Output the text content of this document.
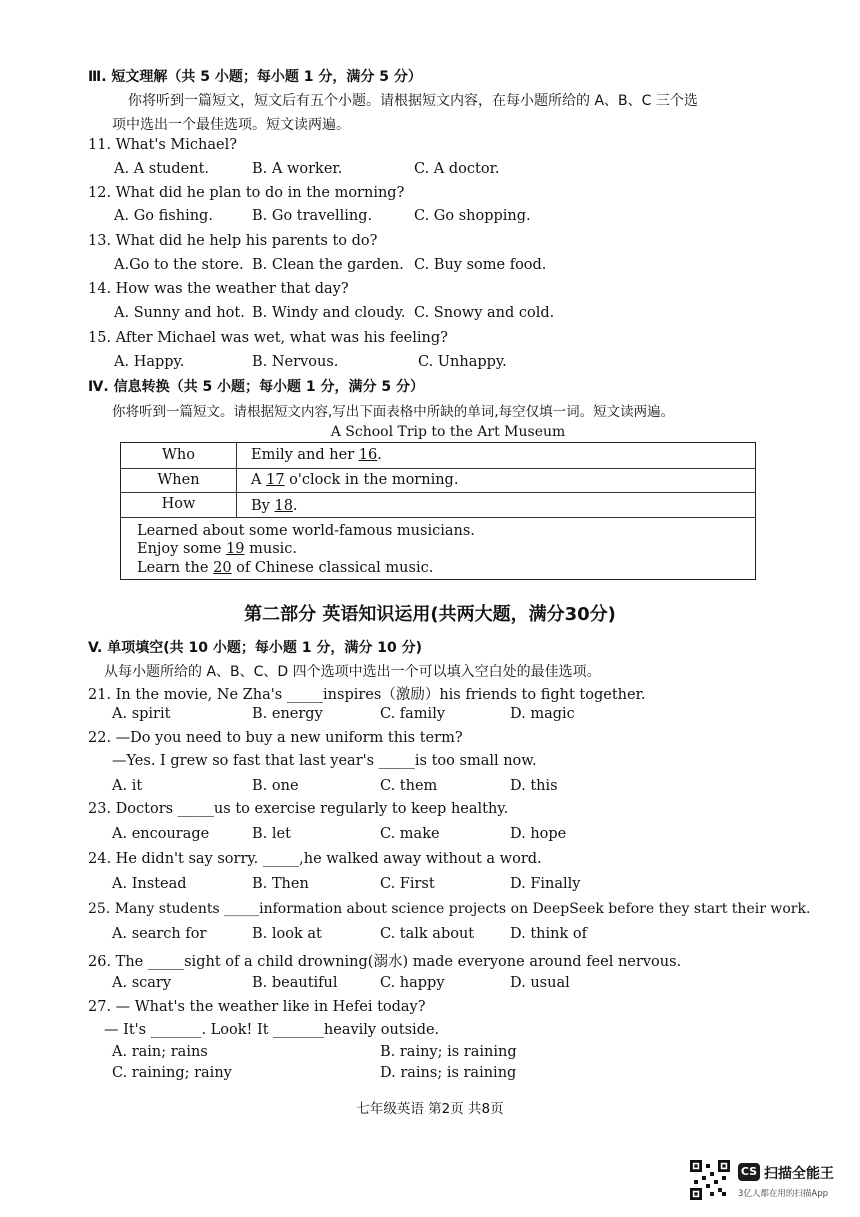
Ⅲ. 短文理解（共 5 小题；每小题 1 分，满分 5 分）
你将听到一篇短文，短文后有五个小题。请根据短文内容，在每小题所给的 A、B、C 三个选
项中选出一个最佳选项。短文读两遍。
11. What's Michael?
A. A student.	B. A worker.	C. A doctor.
12. What did he plan to do in the morning?
A. Go fishing.	B. Go travelling.	C. Go shopping.
13. What did he help his parents to do?
A.Go to the store. B. Clean the garden. C. Buy some food.
14. How was the weather that day?
A. Sunny and hot. B. Windy and cloudy. C. Snowy and cold.
15. After Michael was wet, what was his feeling?
A. Happy.	B. Nervous.	C. Unhappy.
Ⅳ. 信息转换（共 5 小题；每小题 1 分，满分 5 分）
你将听到一篇短文。请根据短文内容,写出下面表格中所缺的单词,每空仅填一词。短文读两遍。
A School Trip to the Art Museum
Who	Emily and her 16.
When	A 17 o'clock in the morning.
How	By 18.
Learned about some world-famous musicians.
Enjoy some 19 music.
Learn the 20 of Chinese classical music.
第二部分 英语知识运用(共两大题，满分30分)
V. 单项填空(共 10 小题；每小题 1 分，满分 10 分)
从每小题所给的 A、B、C、D 四个选项中选出一个可以填入空白处的最佳选项。
21. In the movie, Ne Zha's _____inspires（激励）his friends to fight together.
A. spirit	B. energy	C. family	D. magic
22. —Do you need to buy a new uniform this term?
—Yes. I grew so fast that last year's _____is too small now.
A. it	B. one	C. them	D. this
23. Doctors _____us to exercise regularly to keep healthy.
A. encourage	B. let	C. make	D. hope
24. He didn't say sorry. _____,he walked away without a word.
A. Instead	B. Then	C. First	D. Finally
25. Many students _____information about science projects on DeepSeek before they start their work.
A. search for	B. look at	C. talk about D. think of
26. The _____sight of a child drowning(溺水) made everyone around feel nervous.
A. scary	B. beautiful	C. happy	D. usual
27. — What's the weather like in Hefei today?
— It's _______. Look! It _______heavily outside.
A. rain; rains	B. rainy; is raining
C. raining; rainy	D. rains; is raining
七年级英语 第2页 共8页
CS 扫描全能王
3亿人都在用的扫描App
